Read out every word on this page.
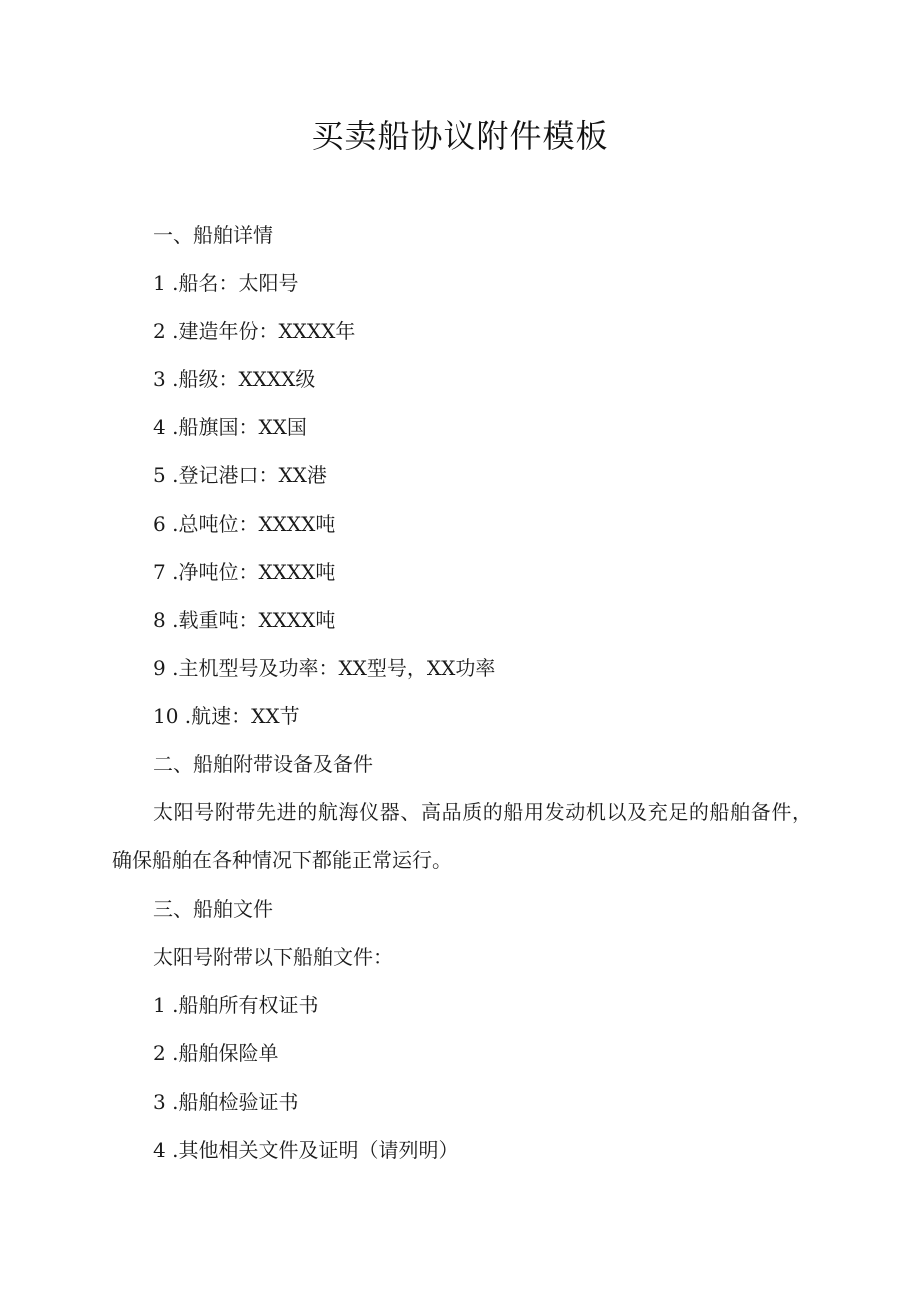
买卖船协议附件模板
一、船舶详情
1 .船名：太阳号
2 .建造年份：XXXX年
3 .船级：XXXX级
4 .船旗国：XX国
5 .登记港口：XX港
6 .总吨位：XXXX吨
7 .净吨位：XXXX吨
8 .载重吨：XXXX吨
9 .主机型号及功率：XX型号，XX功率
10 .航速：XX节
二、船舶附带设备及备件
太阳号附带先进的航海仪器、高品质的船用发动机以及充足的船舶备件，确保船舶在各种情况下都能正常运行。
三、船舶文件
太阳号附带以下船舶文件：
1 .船舶所有权证书
2 .船舶保险单
3 .船舶检验证书
4 .其他相关文件及证明（请列明）
